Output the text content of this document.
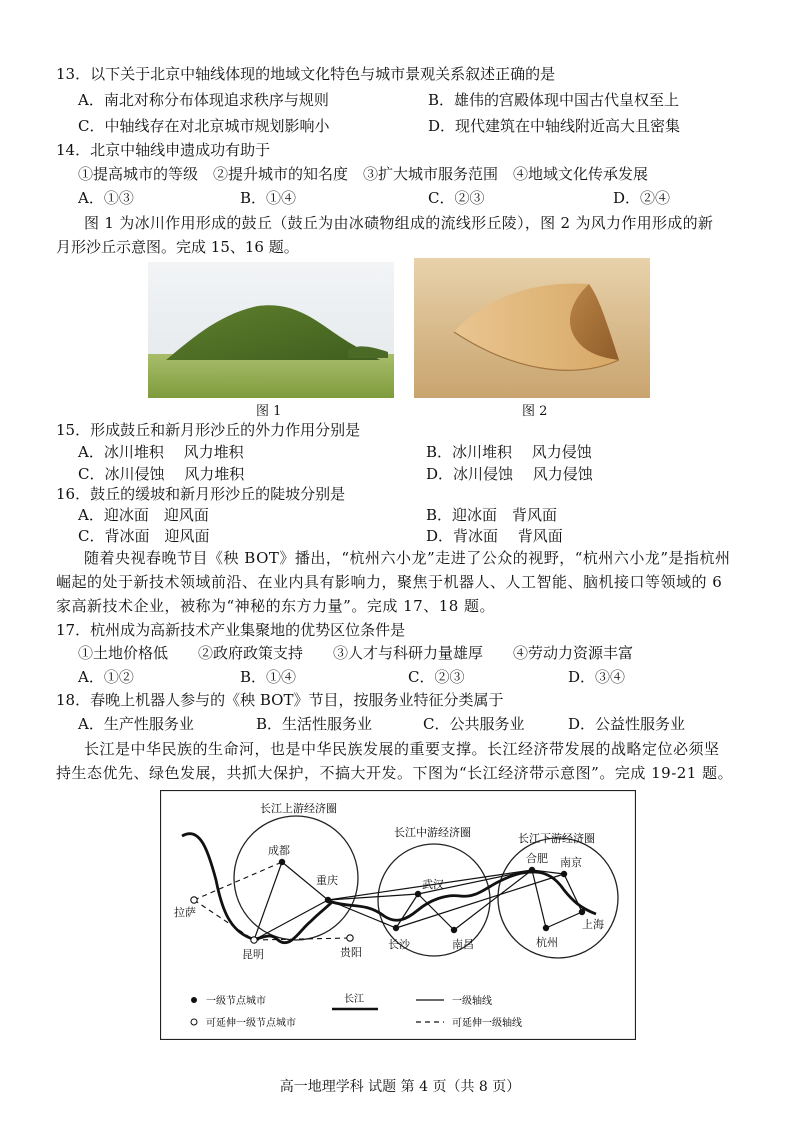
13．以下关于北京中轴线体现的地域文化特色与城市景观关系叙述正确的是
A．南北对称分布体现追求秩序与规则	B．雄伟的宫殿体现中国古代皇权至上
C．中轴线存在对北京城市规划影响小	D．现代建筑在中轴线附近高大且密集
14．北京中轴线申遗成功有助于
①提高城市的等级　②提升城市的知名度　③扩大城市服务范围　④地域文化传承发展
A．①③	B．①④	C．②③	D．②④
图 1 为冰川作用形成的鼓丘（鼓丘为由冰碛物组成的流线形丘陵），图 2 为风力作用形成的新
月形沙丘示意图。完成 15、16 题。
图 1	图 2
15．形成鼓丘和新月形沙丘的外力作用分别是
A．冰川堆积　 风力堆积	B．冰川堆积　 风力侵蚀
C．冰川侵蚀　 风力堆积	D．冰川侵蚀　 风力侵蚀
16．鼓丘的缓坡和新月形沙丘的陡坡分别是
A．迎冰面　迎风面	B．迎冰面　背风面
C．背冰面　迎风面	D．背冰面　 背风面
随着央视春晚节目《秧 BOT》播出，“杭州六小龙”走进了公众的视野，“杭州六小龙”是指杭州
崛起的处于新技术领域前沿、在业内具有影响力，聚焦于机器人、人工智能、脑机接口等领域的 6
家高新技术企业，被称为“神秘的东方力量”。完成 17、18 题。
17．杭州成为高新技术产业集聚地的优势区位条件是
①土地价格低　　②政府政策支持　　③人才与科研力量雄厚　　④劳动力资源丰富
A．①②	B．①④	C．②③	D．③④
18．春晚上机器人参与的《秧 BOT》节目，按服务业特征分类属于
A．生产性服务业	B．生活性服务业	C．公共服务业	D．公益性服务业
长江是中华民族的生命河，也是中华民族发展的重要支撑。长江经济带发展的战略定位必须坚
持生态优先、绿色发展，共抓大保护，不搞大开发。下图为“长江经济带示意图”。完成 19-21 题。
长江上游经济圈
长江中游经济圈	长江下游经济圈
成都
重庆
拉萨
昆明	贵阳
武汉
长沙	南昌
合肥 南京
上海
杭州
一级节点城市
可延伸一级节点城市
长江	一级轴线
可延伸一级轴线
高一地理学科 试题 第 4 页（共 8 页）
